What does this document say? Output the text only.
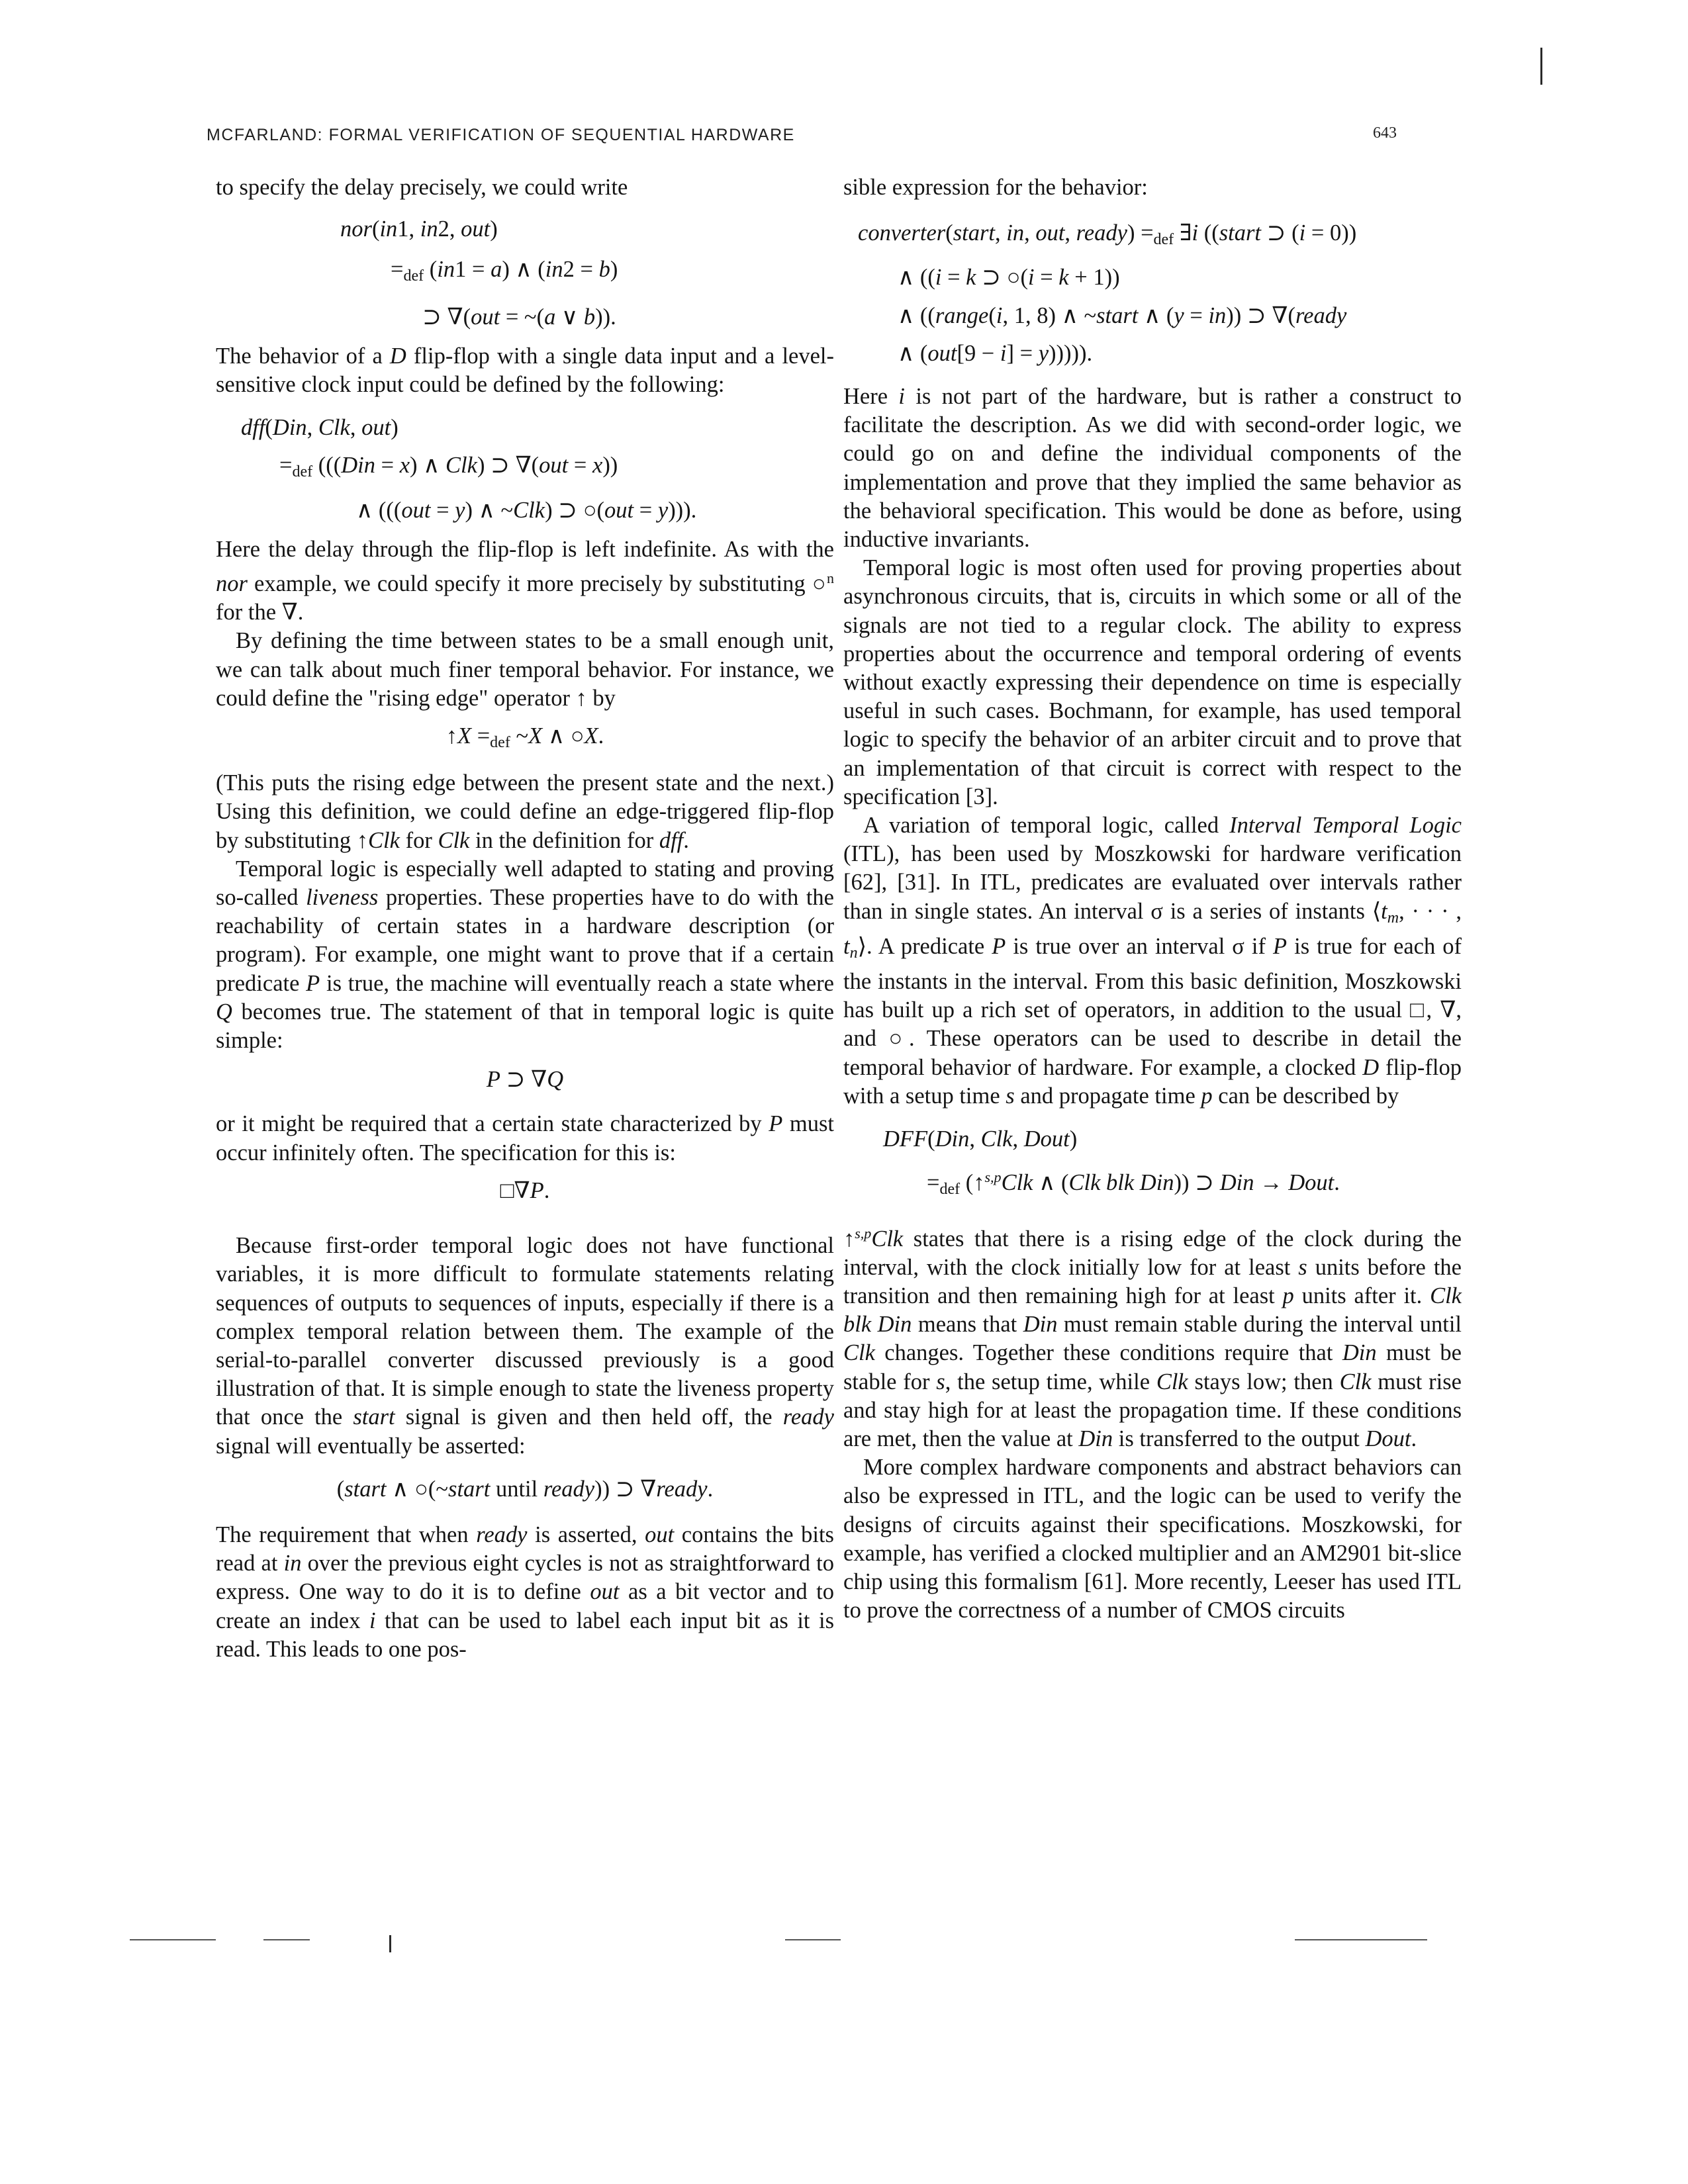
MCFARLAND: FORMAL VERIFICATION OF SEQUENTIAL HARDWARE	643

to specify the delay precisely, we could write

nor(in1, in2, out)
$=_{def}$ (in1 = a) ∧ (in2 = b)
⊃ ∇(out = ~(a ∨ b)).

The behavior of a D flip-flop with a single data input and a level-sensitive clock input could be defined by the following:

dff(Din, Clk, out)
$=_{def}$ (((Din = x) ∧ Clk) ⊃ ∇(out = x))
∧ (((out = y) ∧ ~Clk) ⊃ ○(out = y))).

Here the delay through the flip-flop is left indefinite. As with the nor example, we could specify it more precisely by substituting ○$^n$ for the ∇.

By defining the time between states to be a small enough unit, we can talk about much finer temporal behavior. For instance, we could define the "rising edge" operator ↑ by

↑X $=_{def}$ ~X ∧ ○X.

(This puts the rising edge between the present state and the next.) Using this definition, we could define an edge-triggered flip-flop by substituting ↑Clk for Clk in the definition for dff.

Temporal logic is especially well adapted to stating and proving so-called liveness properties. These properties have to do with the reachability of certain states in a hardware description (or program). For example, one might want to prove that if a certain predicate P is true, the machine will eventually reach a state where Q becomes true. The statement of that in temporal logic is quite simple:

P ⊃ ∇Q

or it might be required that a certain state characterized by P must occur infinitely often. The specification for this is:

□∇P.

Because first-order temporal logic does not have functional variables, it is more difficult to formulate statements relating sequences of outputs to sequences of inputs, especially if there is a complex temporal relation between them. The example of the serial-to-parallel converter discussed previously is a good illustration of that. It is simple enough to state the liveness property that once the start signal is given and then held off, the ready signal will eventually be asserted:

(start ∧ ○(~start until ready)) ⊃ ∇ready.

The requirement that when ready is asserted, out contains the bits read at in over the previous eight cycles is not as straightforward to express. One way to do it is to define out as a bit vector and to create an index i that can be used to label each input bit as it is read. This leads to one pos-

sible expression for the behavior:

converter(start, in, out, ready) $=_{def}$ ∃i ((start ⊃ (i = 0))
∧ ((i = k ⊃ ○(i = k + 1))
∧ ((range(i, 1, 8) ∧ ~start ∧ (y = in)) ⊃ ∇(ready
∧ (out[9 − i] = y))))).

Here i is not part of the hardware, but is rather a construct to facilitate the description. As we did with second-order logic, we could go on and define the individual components of the implementation and prove that they implied the same behavior as the behavioral specification. This would be done as before, using inductive invariants.

Temporal logic is most often used for proving properties about asynchronous circuits, that is, circuits in which some or all of the signals are not tied to a regular clock. The ability to express properties about the occurrence and temporal ordering of events without exactly expressing their dependence on time is especially useful in such cases. Bochmann, for example, has used temporal logic to specify the behavior of an arbiter circuit and to prove that an implementation of that circuit is correct with respect to the specification [3].

A variation of temporal logic, called Interval Temporal Logic (ITL), has been used by Moszkowski for hardware verification [62], [31]. In ITL, predicates are evaluated over intervals rather than in single states. An interval σ is a series of instants $⟨t_m$, · · · , $t_n⟩$. A predicate P is true over an interval σ if P is true for each of the instants in the interval. From this basic definition, Moszkowski has built up a rich set of operators, in addition to the usual □, ∇, and ○. These operators can be used to describe in detail the temporal behavior of hardware. For example, a clocked D flip-flop with a setup time s and propagate time p can be described by

DFF(Din, Clk, Dout)
$=_{def}$ (↑$^{s,p}$Clk ∧ (Clk blk Din)) ⊃ Din → Dout.

↑$^{s,p}$Clk states that there is a rising edge of the clock during the interval, with the clock initially low for at least s units before the transition and then remaining high for at least p units after it. Clk blk Din means that Din must remain stable during the interval until Clk changes. Together these conditions require that Din must be stable for s, the setup time, while Clk stays low; then Clk must rise and stay high for at least the propagation time. If these conditions are met, then the value at Din is transferred to the output Dout.

More complex hardware components and abstract behaviors can also be expressed in ITL, and the logic can be used to verify the designs of circuits against their specifications. Moszkowski, for example, has verified a clocked multiplier and an AM2901 bit-slice chip using this formalism [61]. More recently, Leeser has used ITL to prove the correctness of a number of CMOS circuits
